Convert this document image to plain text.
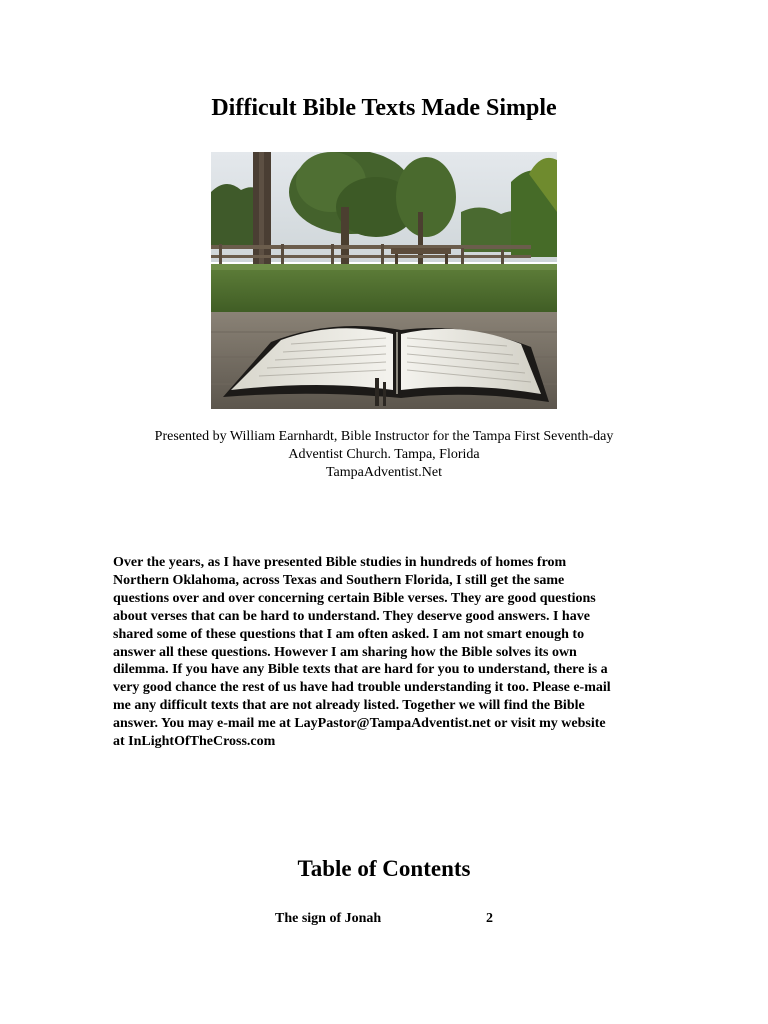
Difficult Bible Texts Made Simple
Presented by William Earnhardt, Bible Instructor for the Tampa First Seventh-day
Adventist Church. Tampa, Florida
TampaAdventist.Net
Over the years, as I have presented Bible studies in hundreds of homes from
Northern Oklahoma, across Texas and Southern Florida, I still get the same
questions over and over concerning certain Bible verses. They are good questions
about verses that can be hard to understand. They deserve good answers. I have
shared some of these questions that I am often asked. I am not smart enough to
answer all these questions. However I am sharing how the Bible solves its own
dilemma. If you have any Bible texts that are hard for you to understand, there is a
very good chance the rest of us have had trouble understanding it too. Please e-mail
me any difficult texts that are not already listed. Together we will find the Bible
answer. You may e-mail me at LayPastor@TampaAdventist.net or visit my website
at InLightOfTheCross.com
Table of Contents
The sign of Jonah	2
